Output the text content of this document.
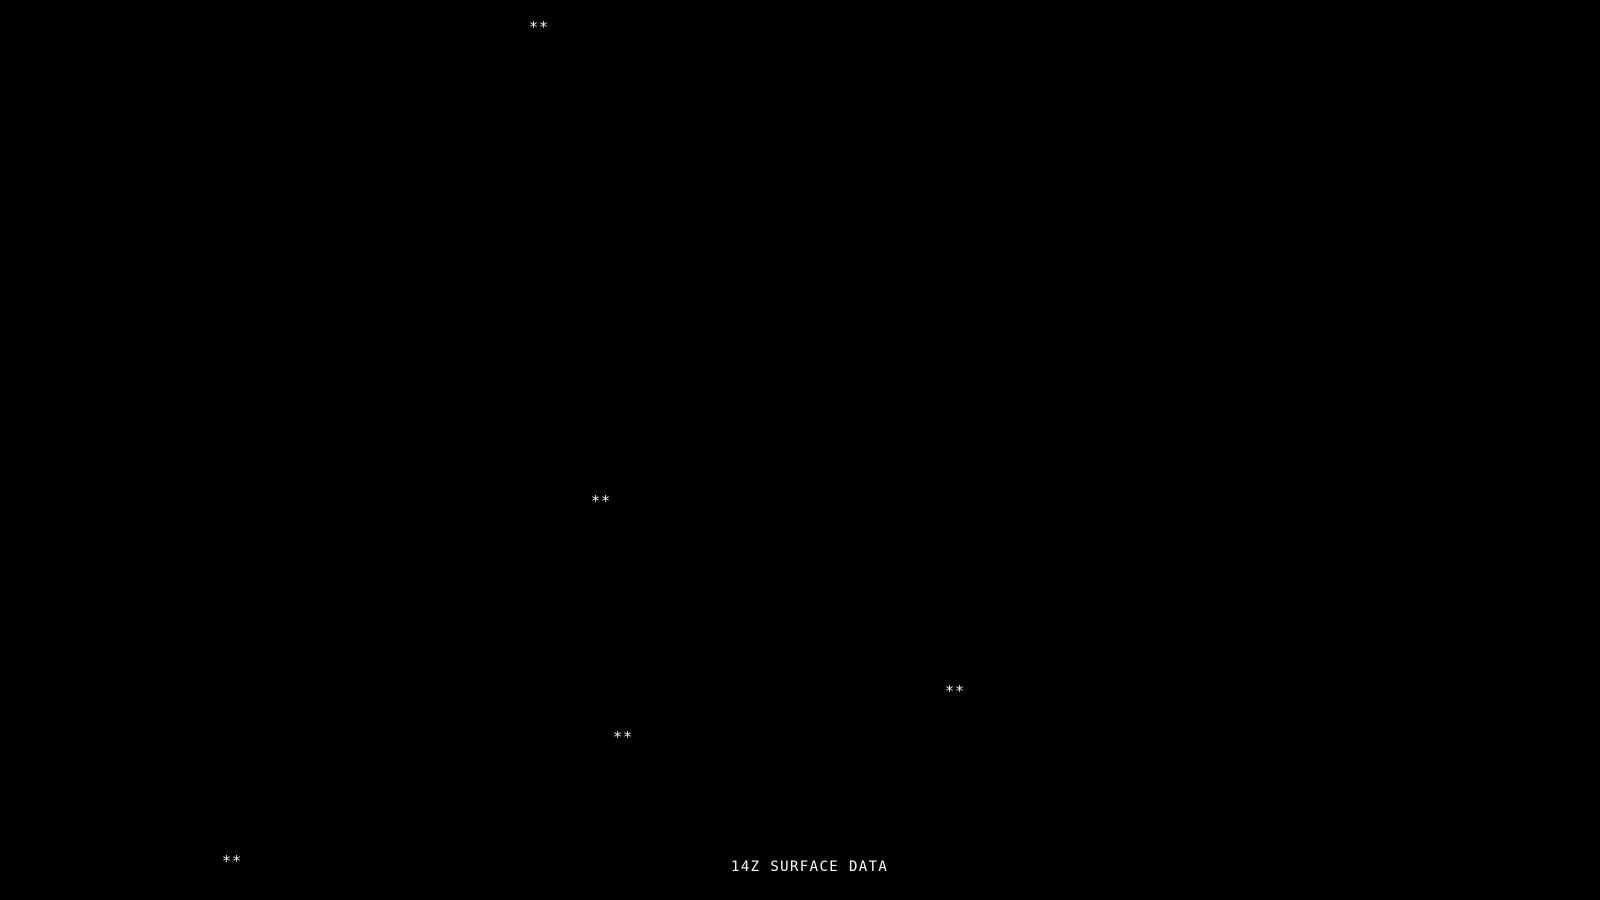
**
**
**
**
**	14Z SURFACE DATA
